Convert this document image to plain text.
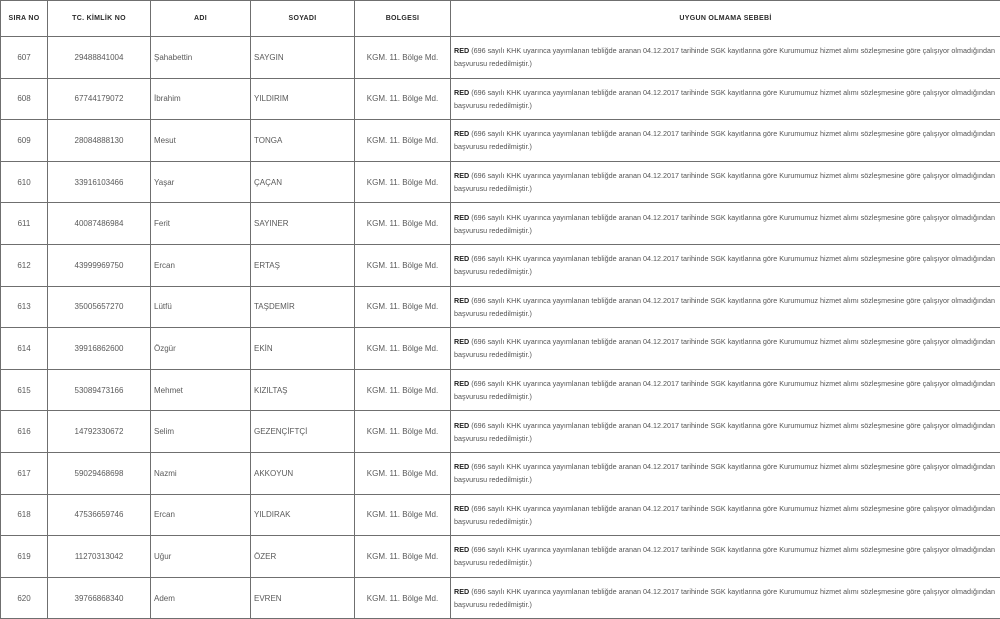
SIRA NO	TC. KİMLİK NO	ADI	SOYADI	BOLGESI	UYGUN OLMAMA SEBEBİ
607	29488841004	Şahabettin	SAYGIN	KGM. 11. Bölge Md.	RED (696 sayılı KHK uyarınca yayımlanan tebliğde aranan 04.12.2017 tarihinde SGK kayıtlarına göre Kurumumuz hizmet alımı sözleşmesine göre çalışıyor olmadığından başvurusu rededilmiştir.)
608	67744179072	İbrahim	YILDIRIM	KGM. 11. Bölge Md.	RED (696 sayılı KHK uyarınca yayımlanan tebliğde aranan 04.12.2017 tarihinde SGK kayıtlarına göre Kurumumuz hizmet alımı sözleşmesine göre çalışıyor olmadığından başvurusu rededilmiştir.)
609	28084888130	Mesut	TONGA	KGM. 11. Bölge Md.	RED (696 sayılı KHK uyarınca yayımlanan tebliğde aranan 04.12.2017 tarihinde SGK kayıtlarına göre Kurumumuz hizmet alımı sözleşmesine göre çalışıyor olmadığından başvurusu rededilmiştir.)
610	33916103466	Yaşar	ÇAÇAN	KGM. 11. Bölge Md.	RED (696 sayılı KHK uyarınca yayımlanan tebliğde aranan 04.12.2017 tarihinde SGK kayıtlarına göre Kurumumuz hizmet alımı sözleşmesine göre çalışıyor olmadığından başvurusu rededilmiştir.)
611	40087486984	Ferit	SAYINER	KGM. 11. Bölge Md.	RED (696 sayılı KHK uyarınca yayımlanan tebliğde aranan 04.12.2017 tarihinde SGK kayıtlarına göre Kurumumuz hizmet alımı sözleşmesine göre çalışıyor olmadığından başvurusu rededilmiştir.)
612	43999969750	Ercan	ERTAŞ	KGM. 11. Bölge Md.	RED (696 sayılı KHK uyarınca yayımlanan tebliğde aranan 04.12.2017 tarihinde SGK kayıtlarına göre Kurumumuz hizmet alımı sözleşmesine göre çalışıyor olmadığından başvurusu rededilmiştir.)
613	35005657270	Lütfü	TAŞDEMİR	KGM. 11. Bölge Md.	RED (696 sayılı KHK uyarınca yayımlanan tebliğde aranan 04.12.2017 tarihinde SGK kayıtlarına göre Kurumumuz hizmet alımı sözleşmesine göre çalışıyor olmadığından başvurusu rededilmiştir.)
614	39916862600	Özgür	EKİN	KGM. 11. Bölge Md.	RED (696 sayılı KHK uyarınca yayımlanan tebliğde aranan 04.12.2017 tarihinde SGK kayıtlarına göre Kurumumuz hizmet alımı sözleşmesine göre çalışıyor olmadığından başvurusu rededilmiştir.)
615	53089473166	Mehmet	KIZILTAŞ	KGM. 11. Bölge Md.	RED (696 sayılı KHK uyarınca yayımlanan tebliğde aranan 04.12.2017 tarihinde SGK kayıtlarına göre Kurumumuz hizmet alımı sözleşmesine göre çalışıyor olmadığından başvurusu rededilmiştir.)
616	14792330672	Selim	GEZENÇİFTÇİ	KGM. 11. Bölge Md.	RED (696 sayılı KHK uyarınca yayımlanan tebliğde aranan 04.12.2017 tarihinde SGK kayıtlarına göre Kurumumuz hizmet alımı sözleşmesine göre çalışıyor olmadığından başvurusu rededilmiştir.)
617	59029468698	Nazmi	AKKOYUN	KGM. 11. Bölge Md.	RED (696 sayılı KHK uyarınca yayımlanan tebliğde aranan 04.12.2017 tarihinde SGK kayıtlarına göre Kurumumuz hizmet alımı sözleşmesine göre çalışıyor olmadığından başvurusu rededilmiştir.)
618	47536659746	Ercan	YILDIRAK	KGM. 11. Bölge Md.	RED (696 sayılı KHK uyarınca yayımlanan tebliğde aranan 04.12.2017 tarihinde SGK kayıtlarına göre Kurumumuz hizmet alımı sözleşmesine göre çalışıyor olmadığından başvurusu rededilmiştir.)
619	11270313042	Uğur	ÖZER	KGM. 11. Bölge Md.	RED (696 sayılı KHK uyarınca yayımlanan tebliğde aranan 04.12.2017 tarihinde SGK kayıtlarına göre Kurumumuz hizmet alımı sözleşmesine göre çalışıyor olmadığından başvurusu rededilmiştir.)
620	39766868340	Adem	EVREN	KGM. 11. Bölge Md.	RED (696 sayılı KHK uyarınca yayımlanan tebliğde aranan 04.12.2017 tarihinde SGK kayıtlarına göre Kurumumuz hizmet alımı sözleşmesine göre çalışıyor olmadığından başvurusu rededilmiştir.)
